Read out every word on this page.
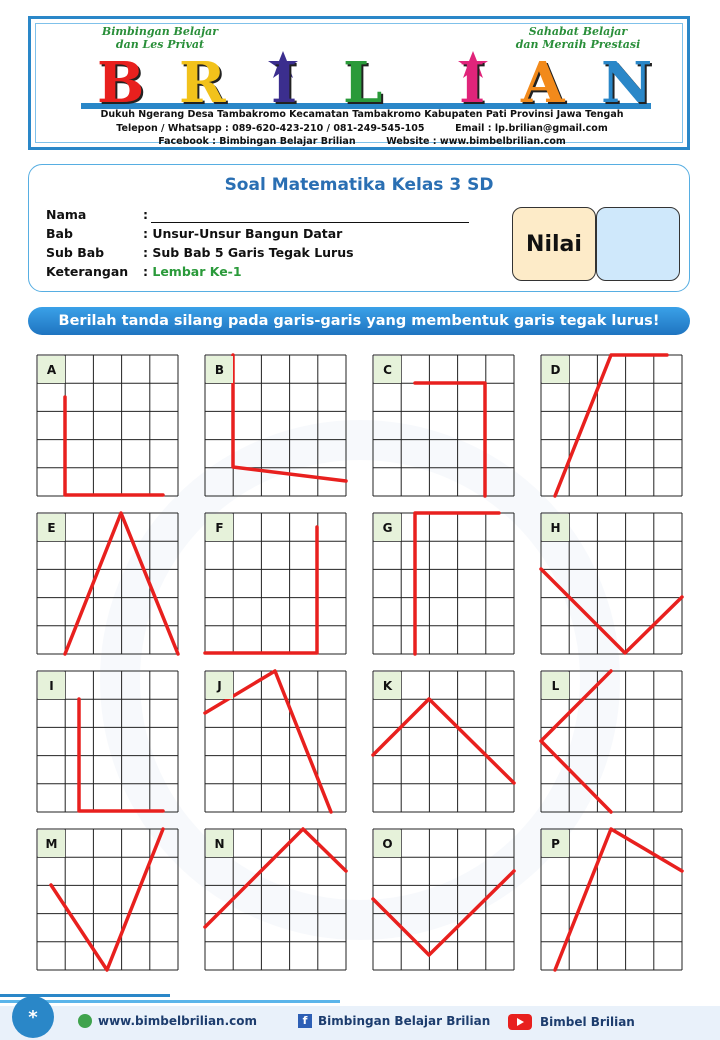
Bimbingan Belajar
dan Les Privat
Sahabat Belajar
dan Meraih Prestasi
B R I L I A N
Dukuh Ngerang Desa Tambakromo Kecamatan Tambakromo Kabupaten Pati Provinsi Jawa Tengah
Telepon / Whatsapp : 089-620-423-210 / 081-249-545-105	Email : lp.brilian@gmail.com
Facebook : Bimbingan Belajar Brilian	Website : www.bimbelbrilian.com
Soal Matematika Kelas 3 SD
Nama	:
Bab	: Unsur-Unsur Bangun Datar
Sub Bab	: Sub Bab 5 Garis Tegak Lurus
Keterangan : Lembar Ke-1
Nilai
Berilah tanda silang pada garis-garis yang membentuk garis tegak lurus!
A	B	C	D
E	F	G	H
I	J	K	L
M	N	O	P
*	www.bimbelbrilian.com	f Bimbingan Belajar Brilian	Bimbel Brilian
